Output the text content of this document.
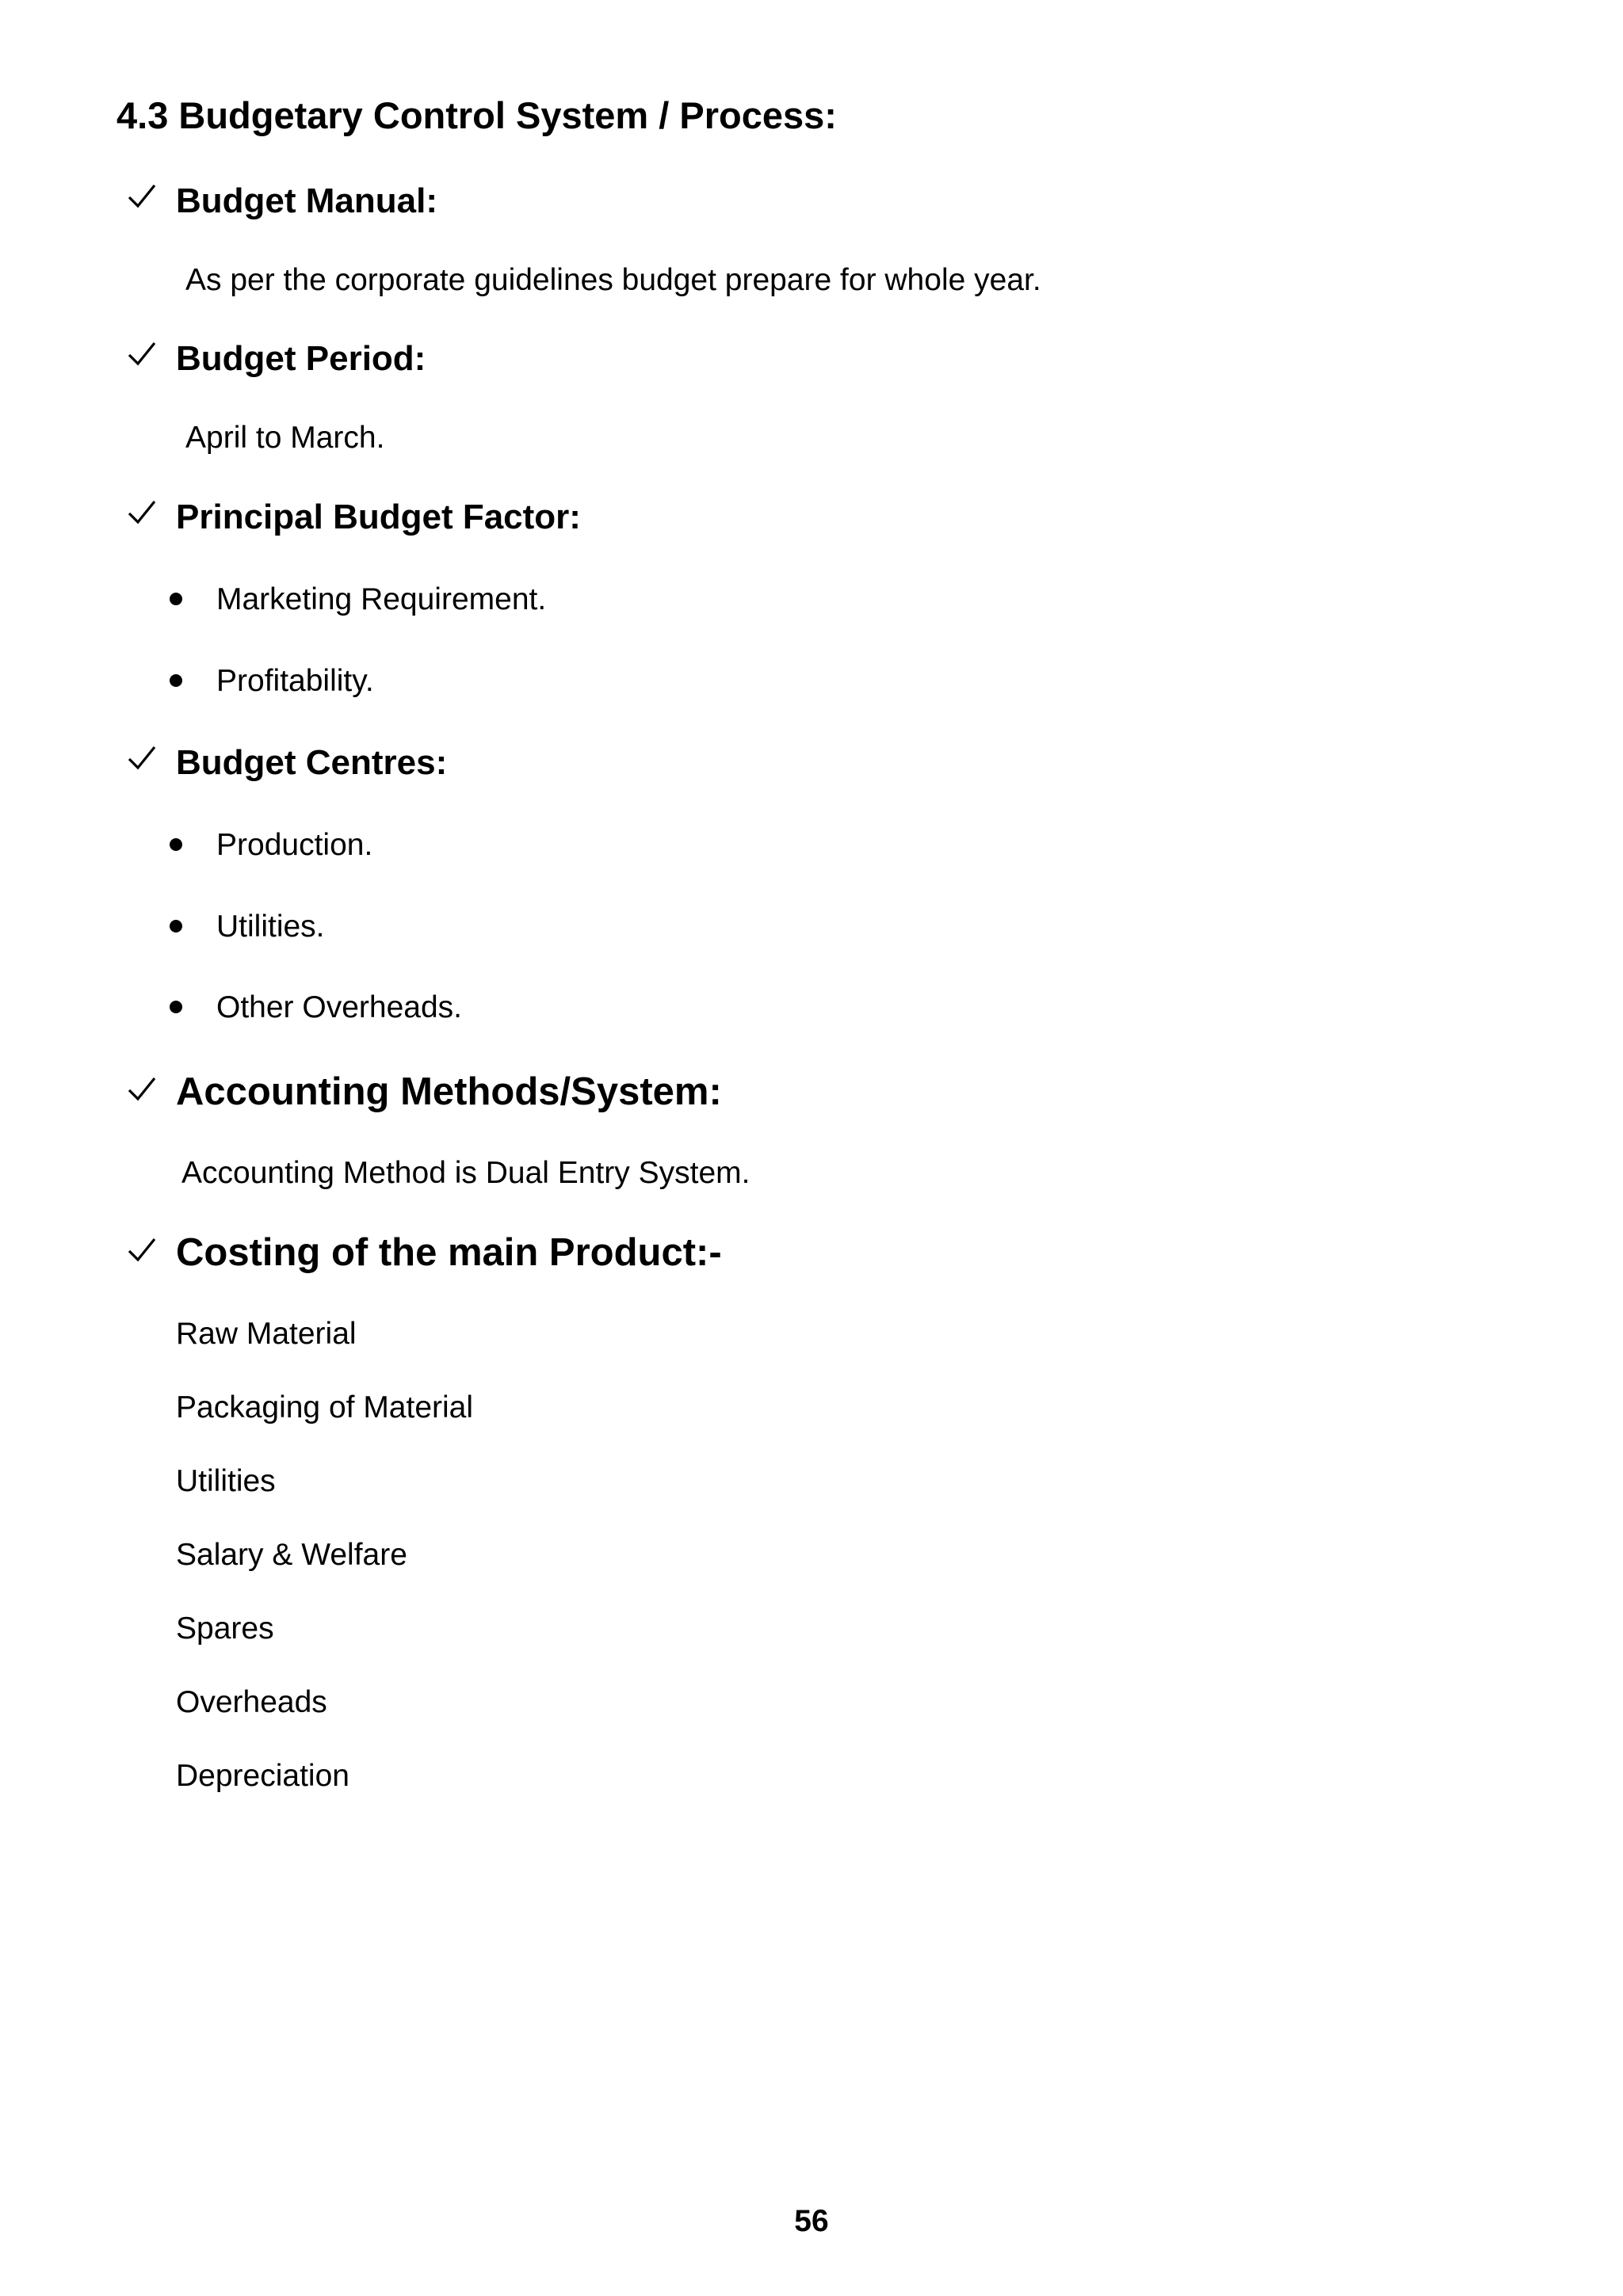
4.3 Budgetary Control System / Process:
Budget Manual:
As per the corporate guidelines budget prepare for whole year.
Budget Period:
April to March.
Principal Budget Factor:
Marketing Requirement.
Profitability.
Budget Centres:
Production.
Utilities.
Other Overheads.
Accounting Methods/System:
Accounting Method is Dual Entry System.
Costing of the main Product:-
Raw Material
Packaging of Material
Utilities
Salary & Welfare
Spares
Overheads
Depreciation
56
